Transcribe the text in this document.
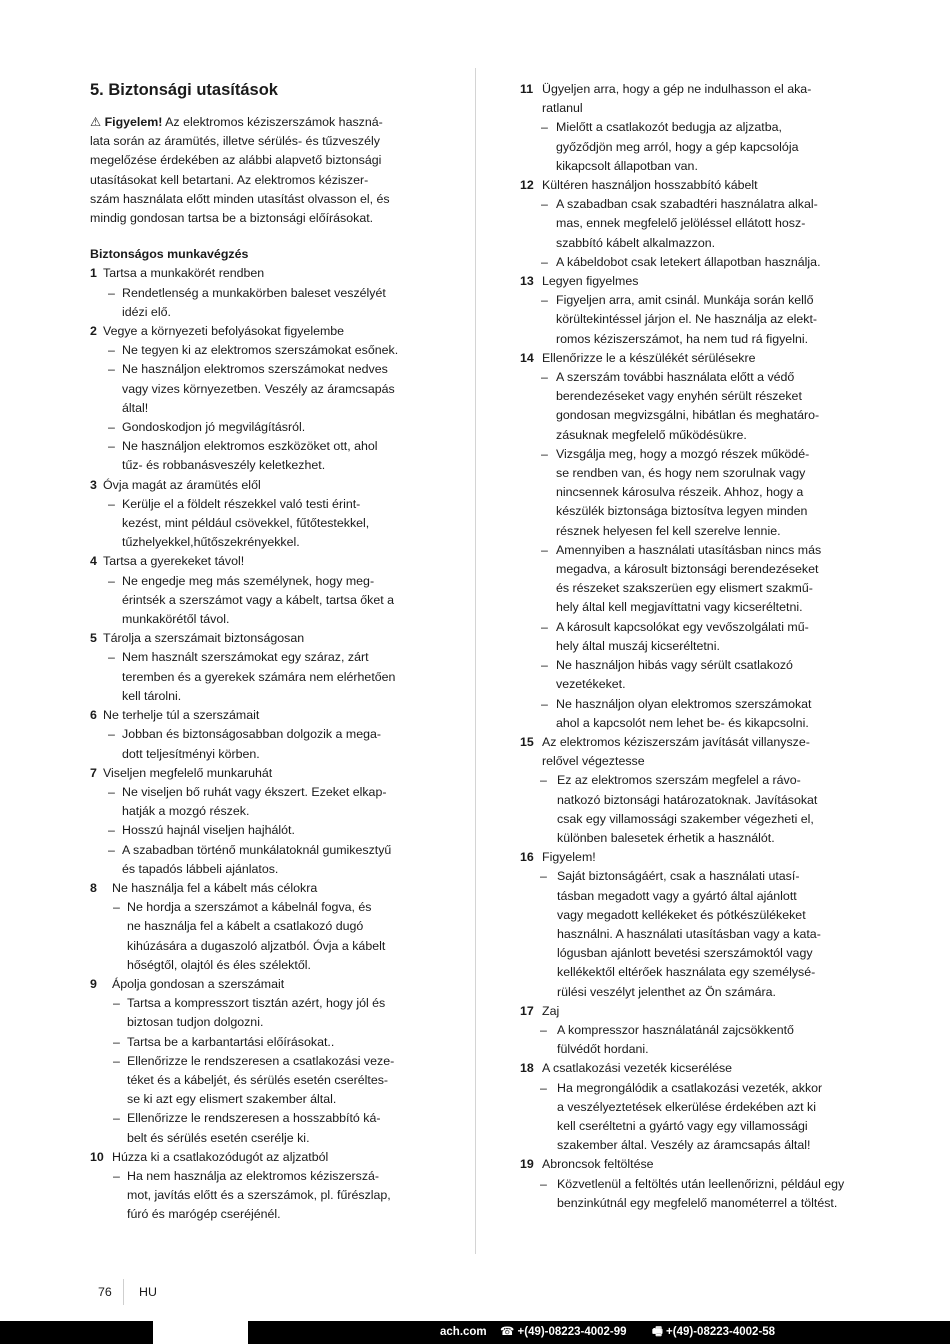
5. Biztonsági utasítások
⚠ Figyelem! Az elektromos kéziszerszámok haszná-
lata során az áramütés, illetve sérülés- és tűzveszély
megelőzése érdekében az alábbi alapvető biztonsági
utasításokat kell betartani. Az elektromos kéziszer-
szám használata előtt minden utasítást olvasson el, és
mindig gondosan tartsa be a biztonsági előírásokat.
Biztonságos munkavégzés
1 Tartsa a munkakörét rendben
– Rendetlenség a munkakörben baleset veszélyét
idézi elő.
2 Vegye a környezeti befolyásokat figyelembe
– Ne tegyen ki az elektromos szerszámokat esőnek.
– Ne használjon elektromos szerszámokat nedves
vagy vizes környezetben. Veszély az áramcsapás
által!
– Gondoskodjon jó megvilágításról.
– Ne használjon elektromos eszközöket ott, ahol
tűz- és robbanásveszély keletkezhet.
3 Óvja magát az áramütés elől
– Kerülje el a földelt részekkel való testi érint-
kezést, mint például csövekkel, fűtőtestekkel,
tűzhelyekkel,hűtőszekrényekkel.
4 Tartsa a gyerekeket távol!
– Ne engedje meg más személynek, hogy meg-
érintsék a szerszámot vagy a kábelt, tartsa őket a
munkakörétől távol.
5 Tárolja a szerszámait biztonságosan
– Nem használt szerszámokat egy száraz, zárt
teremben és a gyerekek számára nem elérhetően
kell tárolni.
6 Ne terhelje túl a szerszámait
– Jobban és biztonságosabban dolgozik a mega-
dott teljesítményi körben.
7 Viseljen megfelelő munkaruhát
– Ne viseljen bő ruhát vagy ékszert. Ezeket elkap-
hatják a mozgó részek.
– Hosszú hajnál viseljen hajhálót.
– A szabadban történő munkálatoknál gumikesztyű
és tapadós lábbeli ajánlatos.
8 Ne használja fel a kábelt más célokra
– Ne hordja a szerszámot a kábelnál fogva, és
ne használja fel a kábelt a csatlakozó dugó
kihúzására a dugaszoló aljzatból. Óvja a kábelt
hőségtől, olajtól és éles szélektől.
9 Ápolja gondosan a szerszámait
– Tartsa a kompresszort tisztán azért, hogy jól és
biztosan tudjon dolgozni.
– Tartsa be a karbantartási előírásokat..
– Ellenőrizze le rendszeresen a csatlakozási veze-
téket és a kábeljét, és sérülés esetén cseréltes-
se ki azt egy elismert szakember által.
– Ellenőrizze le rendszeresen a hosszabbító ká-
belt és sérülés esetén cserélje ki.
10 Húzza ki a csatlakozódugót az aljzatból
– Ha nem használja az elektromos kéziszerszá-
mot, javítás előtt és a szerszámok, pl. fűrészlap,
fúró és marógép cseréjénél.
11 Ügyeljen arra, hogy a gép ne indulhasson el aka-
ratlanul
– Mielőtt a csatlakozót bedugja az aljzatba,
győződjön meg arról, hogy a gép kapcsolója
kikapcsolt állapotban van.
12 Kültéren használjon hosszabbító kábelt
– A szabadban csak szabadtéri használatra alkal-
mas, ennek megfelelő jelöléssel ellátott hosz-
szabbító kábelt alkalmazzon.
– A kábeldobot csak letekert állapotban használja.
13 Legyen figyelmes
– Figyeljen arra, amit csinál. Munkája során kellő
körültekintéssel járjon el. Ne használja az elekt-
romos kéziszerszámot, ha nem tud rá figyelni.
14 Ellenőrizze le a készülékét sérülésekre
– A szerszám további használata előtt a védő
berendezéseket vagy enyhén sérült részeket
gondosan megvizsgálni, hibátlan és meghatáro-
zásuknak megfelelő működésükre.
– Vizsgálja meg, hogy a mozgó részek működé-
se rendben van, és hogy nem szorulnak vagy
nincsennek károsulva részeik. Ahhoz, hogy a
készülék biztonsága biztosítva legyen minden
résznek helyesen fel kell szerelve lennie.
– Amennyiben a használati utasításban nincs más
megadva, a károsult biztonsági berendezéseket
és részeket szakszerüen egy elismert szakmű-
hely által kell megjavíttatni vagy kicseréltetni.
– A károsult kapcsolókat egy vevőszolgálati mű-
hely által muszáj kicseréltetni.
– Ne használjon hibás vagy sérült csatlakozó
vezetékeket.
– Ne használjon olyan elektromos szerszámokat
ahol a kapcsolót nem lehet be- és kikapcsolni.
15 Az elektromos kéziszerszám javítását villanysze-
relővel végeztesse
– Ez az elektromos szerszám megfelel a rávo-
natkozó biztonsági határozatoknak. Javításokat
csak egy villamossági szakember végezheti el,
különben balesetek érhetik a használót.
16 Figyelem!
– Saját biztonságáért, csak a használati utasí-
tásban megadott vagy a gyártó által ajánlott
vagy megadott kellékeket és pótkészülékeket
használni. A használati utasításban vagy a kata-
lógusban ajánlott bevetési szerszámoktól vagy
kellékektől eltérőek használata egy személysé-
rülési veszélyt jelenthet az Ön számára.
17 Zaj
– A kompresszor használatánál zajcsökkentő
fülvédőt hordani.
18 A csatlakozási vezeték kicserélése
– Ha megrongálódik a csatlakozási vezeték, akkor
a veszélyeztetések elkerülése érdekében azt ki
kell cseréltetni a gyártó vagy egy villamossági
szakember által. Veszély az áramcsapás által!
19 Abroncsok feltöltése
– Közvetlenül a feltöltés után leellenőrizni, például egy
benzinkútnál egy megfelelő manométerrel a töltést.
76 HU
ach.com ☎ +(49)-08223-4002-99 🖷 +(49)-08223-4002-58
